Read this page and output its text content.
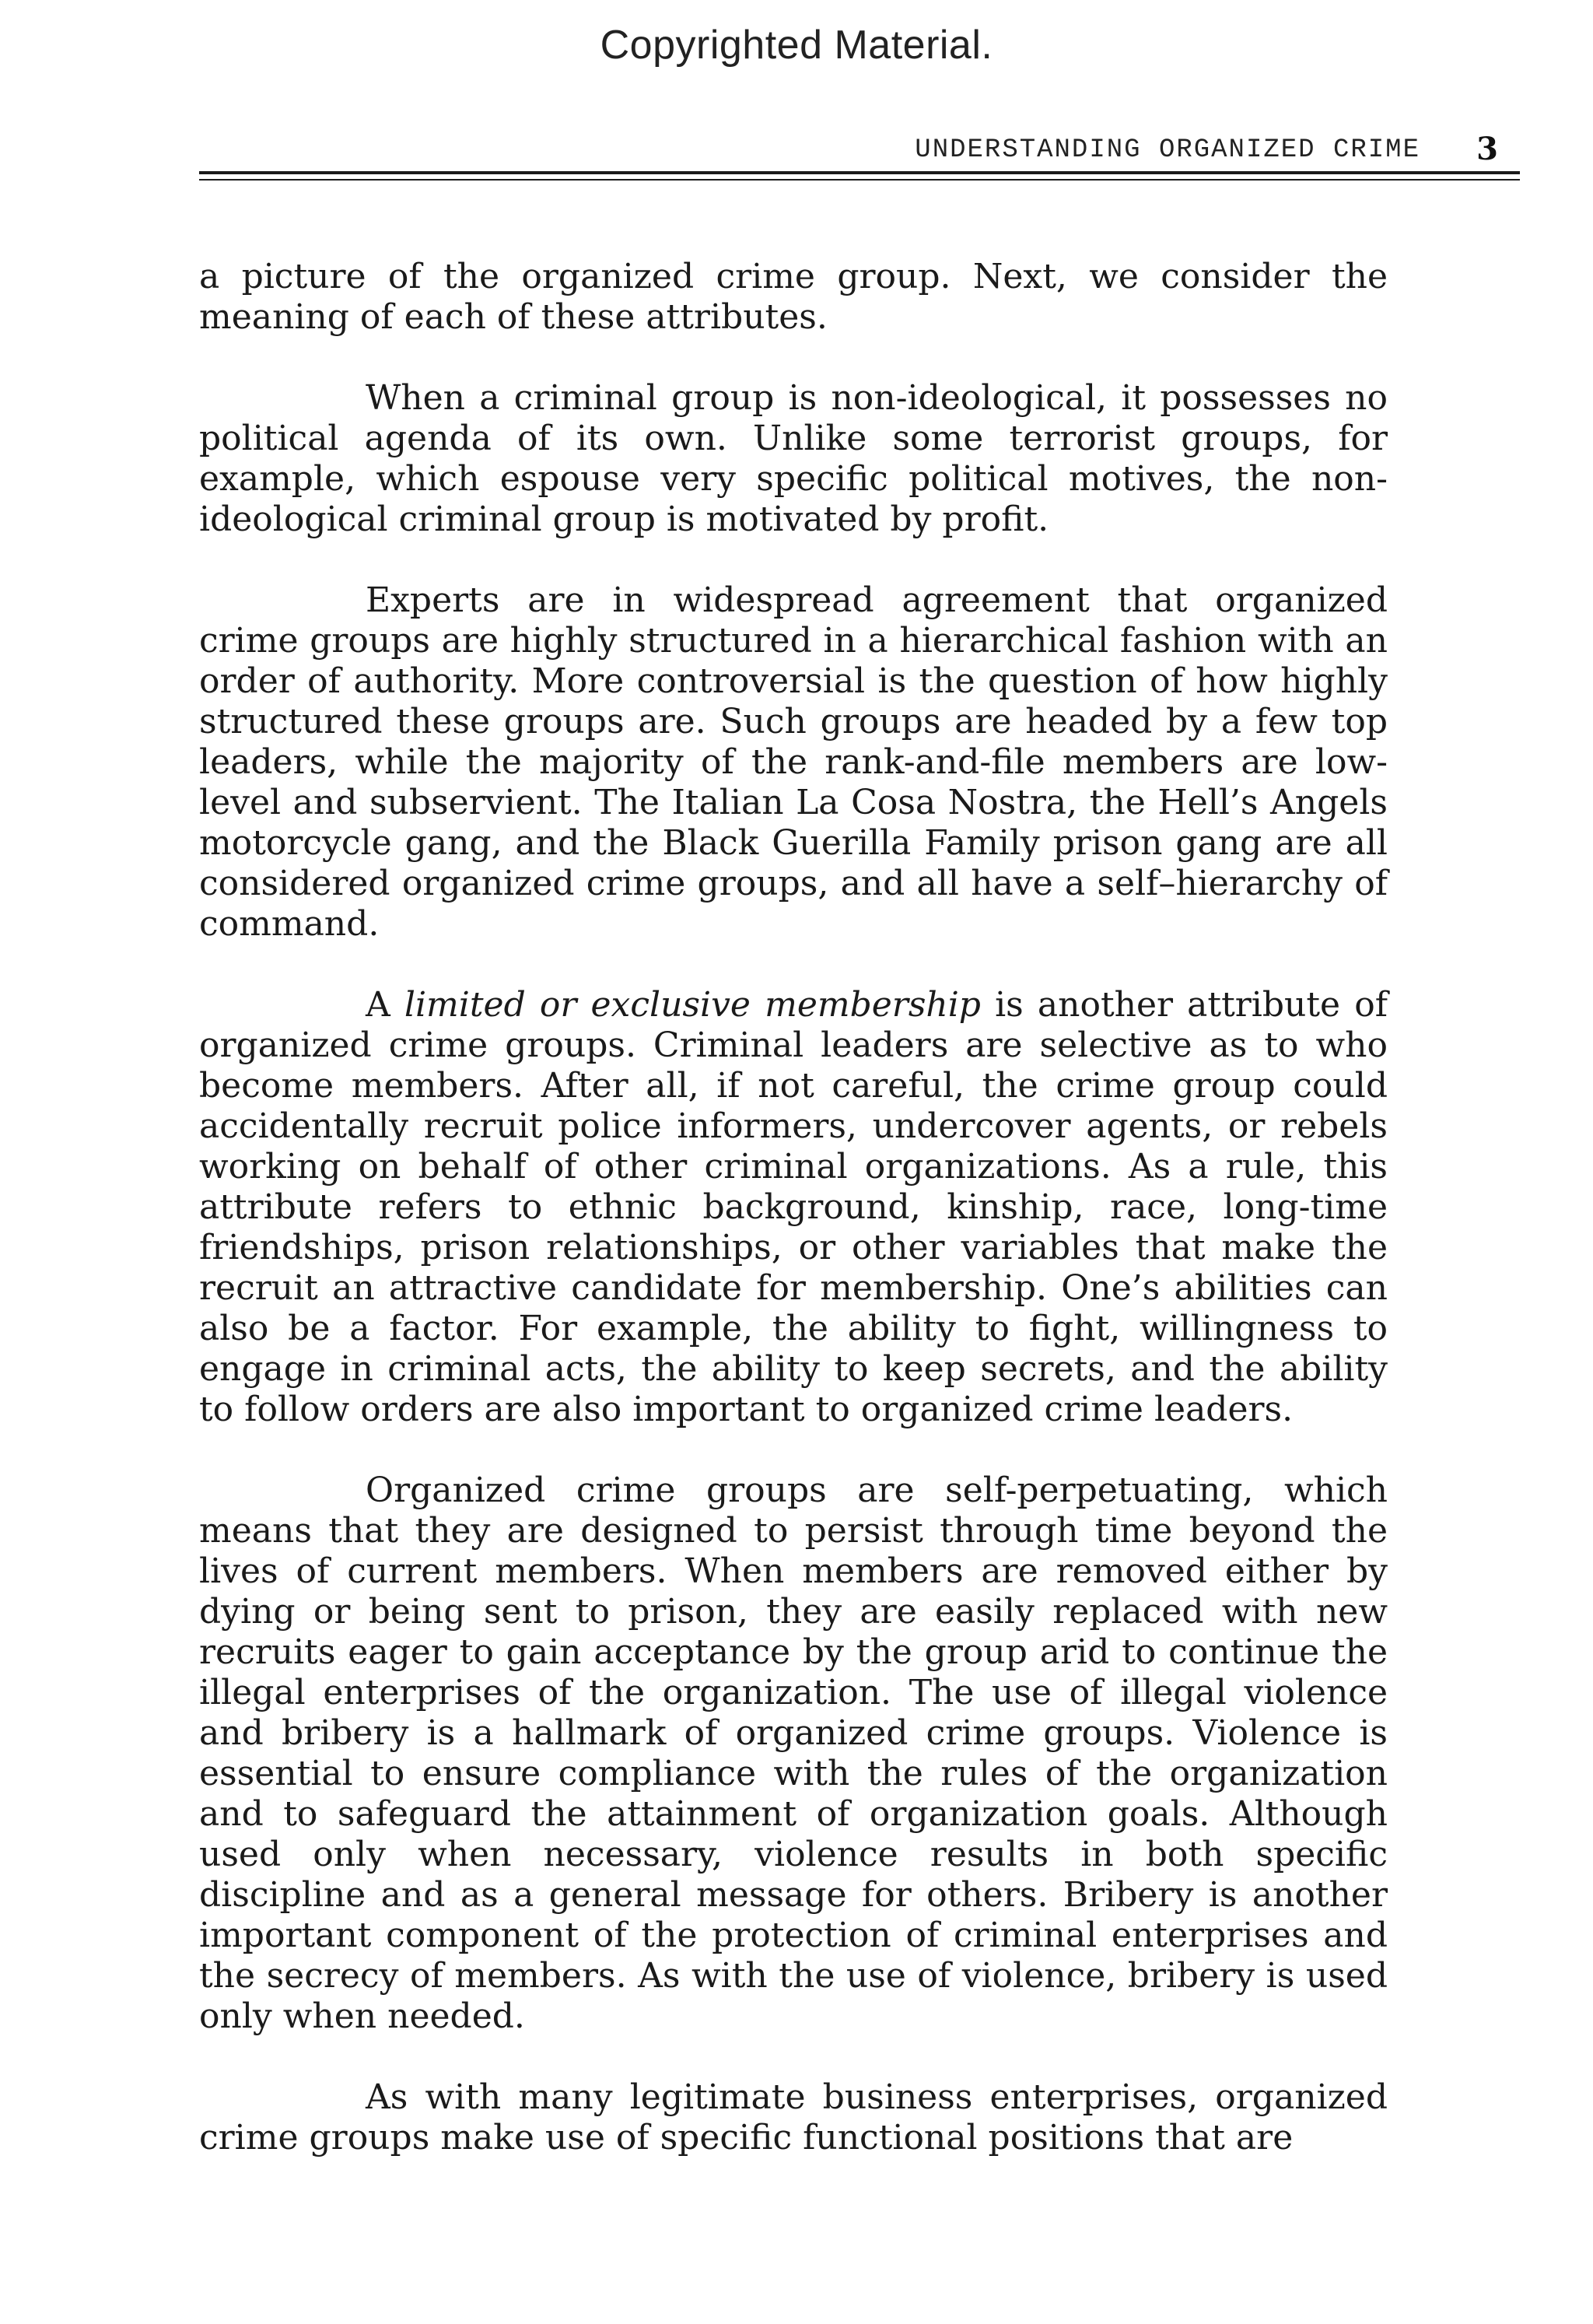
Copyrighted Material.
UNDERSTANDING ORGANIZED CRIME 3

a picture of the organized crime group. Next, we consider the meaning of each of these attributes.

When a criminal group is non-ideological, it possesses no political agenda of its own. Unlike some terrorist groups, for example, which espouse very specific political motives, the non-ideological criminal group is motivated by profit.

Experts are in widespread agreement that organized crime groups are highly structured in a hierarchical fashion with an order of authority. More controversial is the question of how highly structured these groups are. Such groups are headed by a few top leaders, while the majority of the rank-and-file members are low-level and subservient. The Italian La Cosa Nostra, the Hell’s Angels motorcycle gang, and the Black Guerilla Family prison gang are all considered organized crime groups, and all have a self–hierarchy of command.

A limited or exclusive membership is another attribute of organized crime groups. Criminal leaders are selective as to who become members. After all, if not careful, the crime group could accidentally recruit police informers, undercover agents, or rebels working on behalf of other criminal organizations. As a rule, this attribute refers to ethnic background, kinship, race, long-time friendships, prison relationships, or other variables that make the recruit an attractive candidate for membership. One’s abilities can also be a factor. For example, the ability to fight, willingness to engage in criminal acts, the ability to keep secrets, and the ability to follow orders are also important to organized crime leaders.

Organized crime groups are self-perpetuating, which means that they are designed to persist through time beyond the lives of current members. When members are removed either by dying or being sent to prison, they are easily replaced with new recruits eager to gain acceptance by the group arid to continue the illegal enterprises of the organization. The use of illegal violence and bribery is a hallmark of organized crime groups. Violence is essential to ensure compliance with the rules of the organization and to safeguard the attainment of organization goals. Although used only when necessary, violence results in both specific discipline and as a general message for others. Bribery is another important component of the protection of criminal enterprises and the secrecy of members. As with the use of violence, bribery is used only when needed.

As with many legitimate business enterprises, organized crime groups make use of specific functional positions that are
